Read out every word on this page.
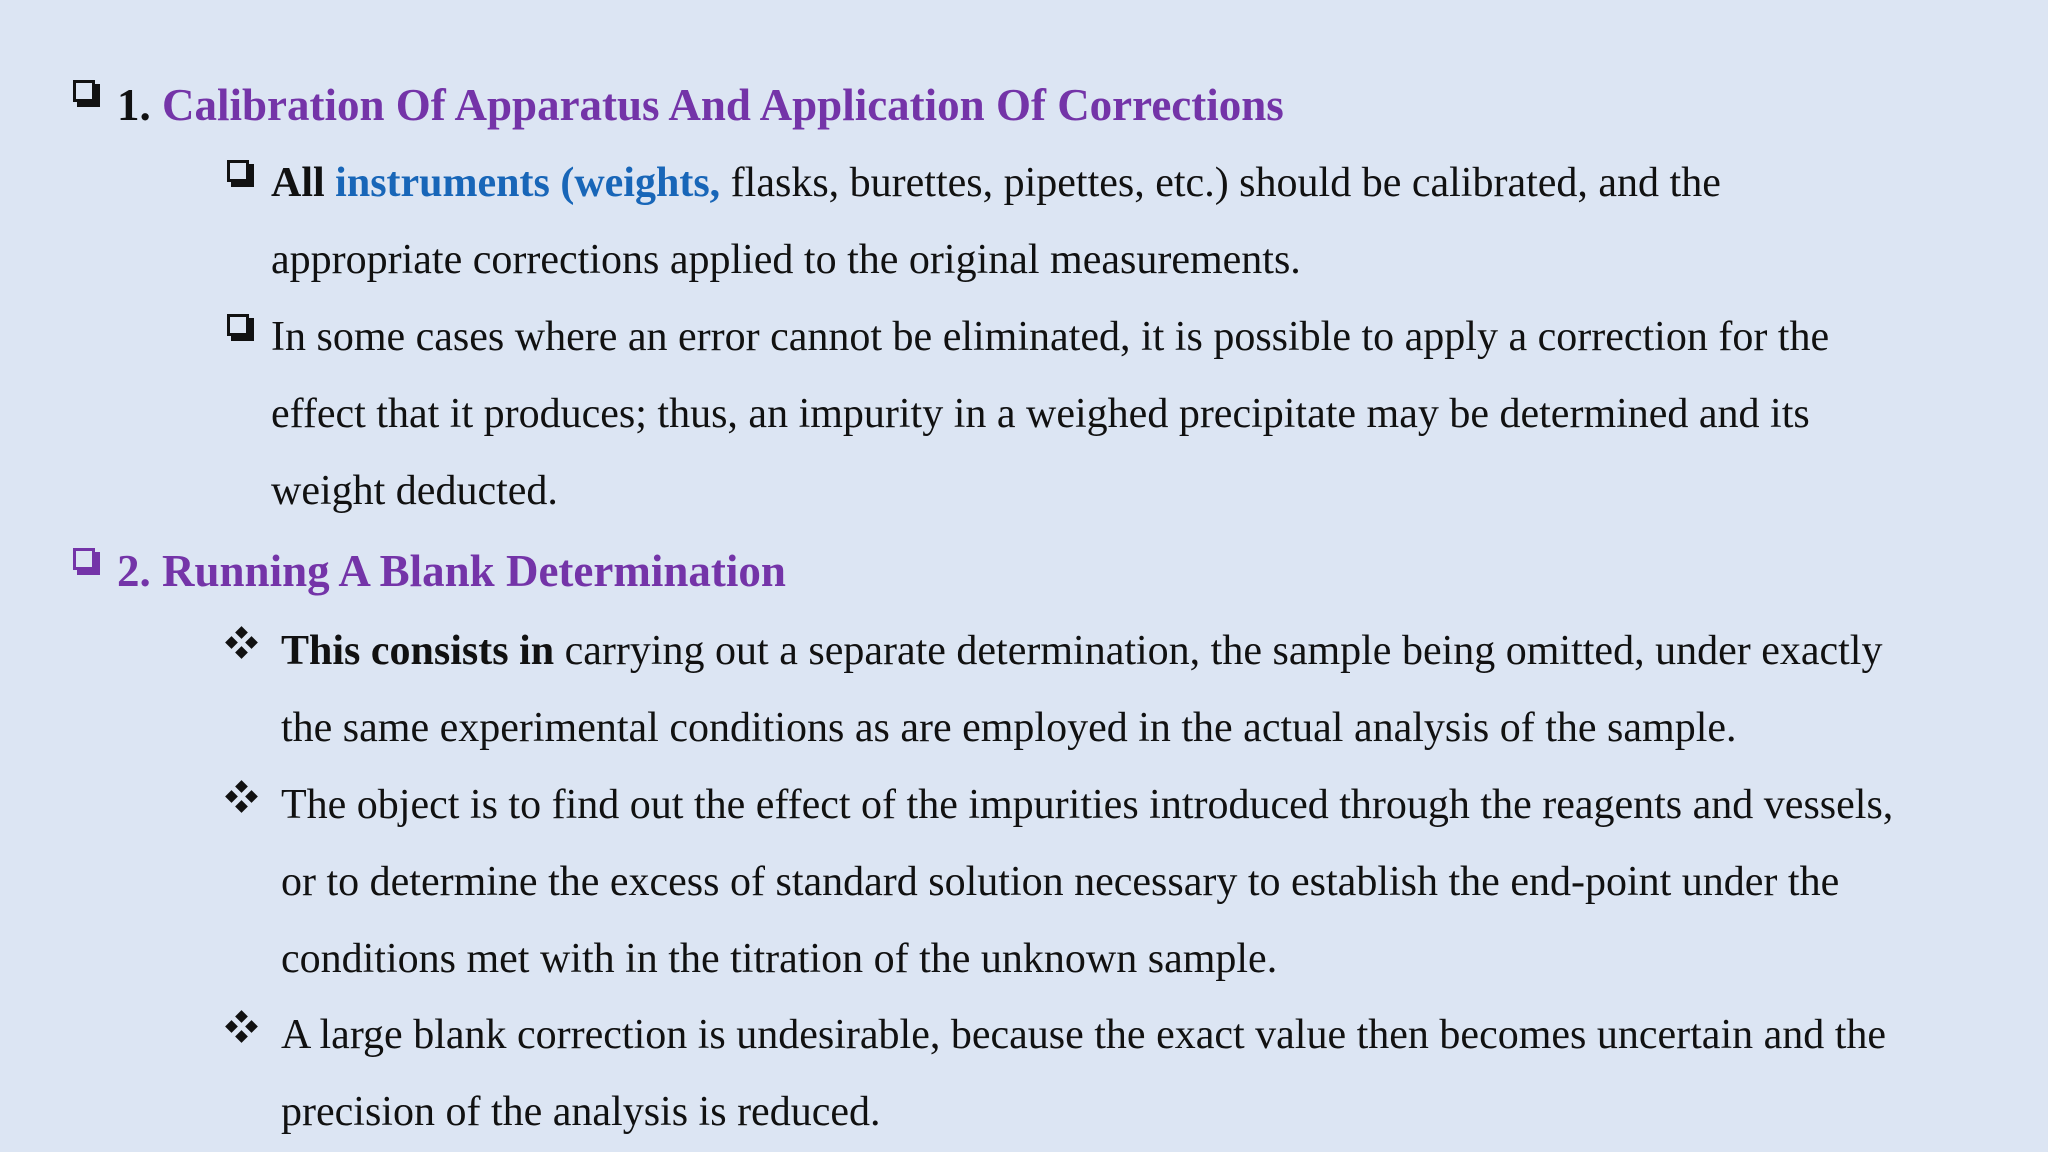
1. Calibration Of Apparatus And Application Of Corrections
All instruments (weights, flasks, burettes, pipettes, etc.) should be calibrated, and the
appropriate corrections applied to the original measurements.
In some cases where an error cannot be eliminated, it is possible to apply a correction for the
effect that it produces; thus, an impurity in a weighed precipitate may be determined and its
weight deducted.
2. Running A Blank Determination
This consists in carrying out a separate determination, the sample being omitted, under exactly
the same experimental conditions as are employed in the actual analysis of the sample.
The object is to find out the effect of the impurities introduced through the reagents and vessels,
or to determine the excess of standard solution necessary to establish the end-point under the
conditions met with in the titration of the unknown sample.
A large blank correction is undesirable, because the exact value then becomes uncertain and the
precision of the analysis is reduced.
